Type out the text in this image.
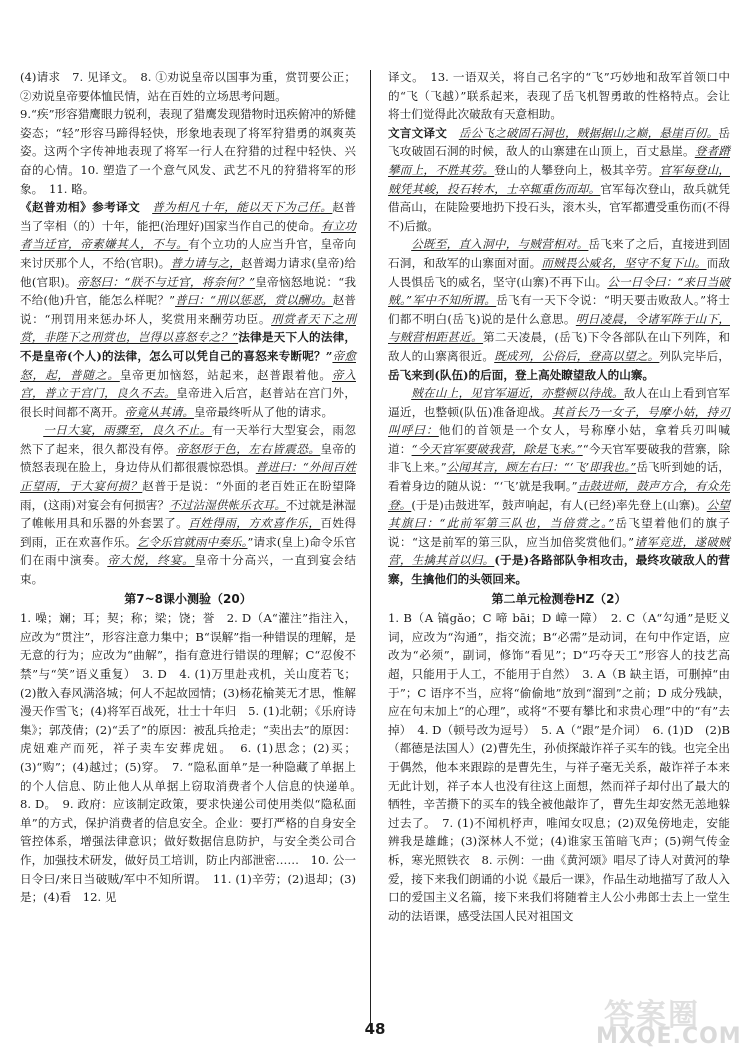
(4)请求　7. 见译文。　8. ①劝说皇帝以国事为重，赏罚要公正；②劝说皇帝要体恤民情，站在百姓的立场思考问题。

9.“疾”形容猎鹰眼力锐利，表现了猎鹰发现猎物时迅疾俯冲的矫健姿态；“轻”形容马蹄得轻快，形象地表现了将军狩猎勇的飒爽英姿。这两个字传神地表现了将军一行人在狩猎的过程中轻快、兴奋的心情。10. 塑造了一个意气风发、武艺不凡的狩猎将军的形象。　11. 略。

《赵普劝相》参考译文　普为相凡十年，能以天下为己任。赵普当了宰相（的）十年，能把(治理好)国家当作自己的使命。有立功者当迁官，帝素嫌其人，不与。有个立功的人应当升官，皇帝向来讨厌那个人，不给(官职)。普力请与之，赵普竭力请求(皇帝)给他(官职)。帝怒曰：“朕不与迁官，将奈何？”皇帝恼怒地说：“我不给(他)升官，能怎么样呢？”普曰：“刑以惩恶，赏以酬功。赵普说：“刑罚用来惩办坏人，奖赏用来酬劳功臣。刑赏者天下之刑赏，非陛下之刑赏也，岂得以喜怒专之？”法律是天下人的法律，不是皇帝(个人)的法律，怎么可以凭自己的喜怒来专断呢？”帝愈怒，起，普随之。皇帝更加恼怒，站起来，赵普跟着他。帝入宫，普立于宫门，良久不去。皇帝进入后宫，赵普站在宫门外，很长时间都不离开。帝竟从其请。皇帝最终听从了他的请求。

一日大宴，雨骤至，良久不止。有一天举行大型宴会，雨忽然下了起来，很久都没有停。帝怒形于色，左右皆震恐。皇帝的愤怒表现在脸上，身边侍从们都很震惊恐惧。普进曰：“外间百姓正望雨，于大宴何损？赵普于是说：“外面的老百姓正在盼望降雨，(这雨)对宴会有何损害？不过沾湿供帐乐衣耳。不过就是淋湿了帷帐用具和乐器的外套罢了。百姓得雨，方欢喜作乐，百姓得到雨，正在欢喜作乐。乞令乐官就雨中奏乐。”请求(皇上)命令乐官们在雨中演奏。帝大悦，终宴。皇帝十分高兴，一直到宴会结束。

第7~8课小测验（20）

1. 噪；斓；耳；契；称；梁；饶；誉　2. D（A“灌注”指注入，应改为“贯注”，形容注意力集中；B“误解”指一种错误的理解，是无意的行为；应改为“曲解”，指有意进行错误的理解；C“忍俊不禁”与“笑”语义重复）　3. D　4. (1)万里赴戎机，关山度若飞；(2)散入春风满洛城；何人不起故园情；(3)杨花榆荚无才思，惟解漫天作雪飞；(4)将军百战死，壮士十年归　5. (1)北朝；《乐府诗集》；郭茂倩；(2)“丢了”的原因：被乱兵抢走；“卖出去”的原因：虎妞难产而死，祥子卖车安葬虎妞。　6. (1)思念；(2)买；(3)“购”；(4)越过；(5)穿。　7. “隐私面单”是一种隐藏了单据上的个人信息、防止他人从单据上窃取消费者个人信息的快递单。　8. D。　9. 政府：应该制定政策，要求快递公司使用类似“隐私面单”的方式，保护消费者的信息安全。企业：要打严格的自身安全管控体系，增强法律意识；做好数据信息防护，与安全类公司合作，加强技术研发，做好员工培训，防止内部泄密……　10. 公一日令曰/来日当破贼/军中不知所谓。　11. (1)辛劳；(2)退却；(3)是；(4)看　12. 见

译文。　13. 一语双关，将自己名字的“飞”巧妙地和敌军首领口中的“飞（飞越）”联系起来，表现了岳飞机智勇敢的性格特点。会让将士们觉得此次破敌有天意相助。

文言文译文　岳公飞之破固石洞也，贼据据山之巅，悬崖百仞。岳飞攻破固石洞的时候，敌人的山寨建在山顶上，百丈悬崖。登者蹐攀而上，不胜其劳。登山的人攀登向上，极其辛劳。官军每登山，贼凭其峻，投石转木，士卒辄重伤而却。官军每次登山，敌兵就凭借高山，在陡险要地扔下投石头，滚木头，官军都遭受重伤而(不得不)后撤。

公既至，直入洞中，与贼营相对。岳飞来了之后，直接进到固石洞，和敌军的山寨面对面。而贼畏公威名，坚守不复下山。而敌人畏惧岳飞的威名，坚守(山寨)不再下山。公一日令曰：“来日当破贼。”军中不知所谓。岳飞有一天下令说：“明天要击败敌人。”将士们都不明白(岳飞)说的是什么意思。明日凌晨，令诸军阵于山下，与贼营相距甚近。第二天凌晨，(岳飞)下令各部队在山下列阵，和敌人的山寨离很近。既成列，公俗后，登高以望之。列队完毕后，岳飞来到(队伍)的后面，登上高处瞭望敌人的山寨。

贼在山上，见官军逼近，亦整顿以待战。敌人在山上看到官军逼近，也整顿(队伍)准备迎战。其首长乃一女子，号摩小姑，持刃叫呼曰：他们的首领是一个女人，号称摩小姑，拿着兵刃叫喊道：“今天官军要破我营，除是飞来。”“今天官军要破我的营寨，除非飞上来。”公闻其言，顾左右曰：“‘飞’即我也。”岳飞听到她的话，看着身边的随从说：“‘飞’就是我啊。”击鼓进师，鼓声方合，有众先登。(于是)击鼓进军，鼓声响起，有人(已经)率先登上(山寨)。公望其旗曰：“此前军第三队也，当倍赏之。”岳飞望着他们的旗子说：“这是前军的第三队，应当加倍奖赏他们。”诸军竞进，遂破贼营，生擒其首以归。(于是)各路部队争相攻击，最终攻破敌人的营寨，生擒他们的头领回来。

第二单元检测卷HZ（2）

1. B（A 镐gǎo；C 啼 bāi；D 嶂一障）　2. C（A“勾通”是贬义词，应改为“沟通”，指交流；B“必需”是动词，在句中作定语，应改为“必须”，副词，修饰“看见”；D“巧夺天工”形容人的技艺高超，只能用于人工，不能用于自然）　3. A（B 缺主语，可删掉“由于”；C 语序不当，应将“偷偷地”放到“溜到”之前；D 成分残缺，应在句末加上“的心理”，或将“不要有攀比和求贵心理”中的“有”去掉）　4. D（顿号改为逗号）　5. A（“跟”是介词）　6. (1)D　(2)B（都德是法国人）(2)曹先生，孙侦探敲诈祥子买车的钱。也完全出于偶然，他本来跟踪的是曹先生，与祥子毫无关系，敲诈祥子本来无此计划，祥子本人也没有往这上面想，然而祥子却付出了最大的牺牲，辛苦攒下的买车的钱全被他敲诈了，曹先生却安然无恙地躲过去了。　7. (1)不闻机杼声，唯闻女叹息；(2)双兔傍地走，安能辨我是雄雌；(3)深林人不觉；(4)谁家玉笛暗飞声；(5)朔气传金柝，寒光照铁衣　8. 示例：一曲《黄河颂》唱尽了诗人对黄河的挚爱，接下来我们朗诵的小说《最后一课》，作品生动地描写了敌人入口的爱国主义名篇，接下来我们将随着主人公小弗郎士去上一堂生动的法语课，感受法国人民对祖国文

48	答案圈
MXQE.COM
